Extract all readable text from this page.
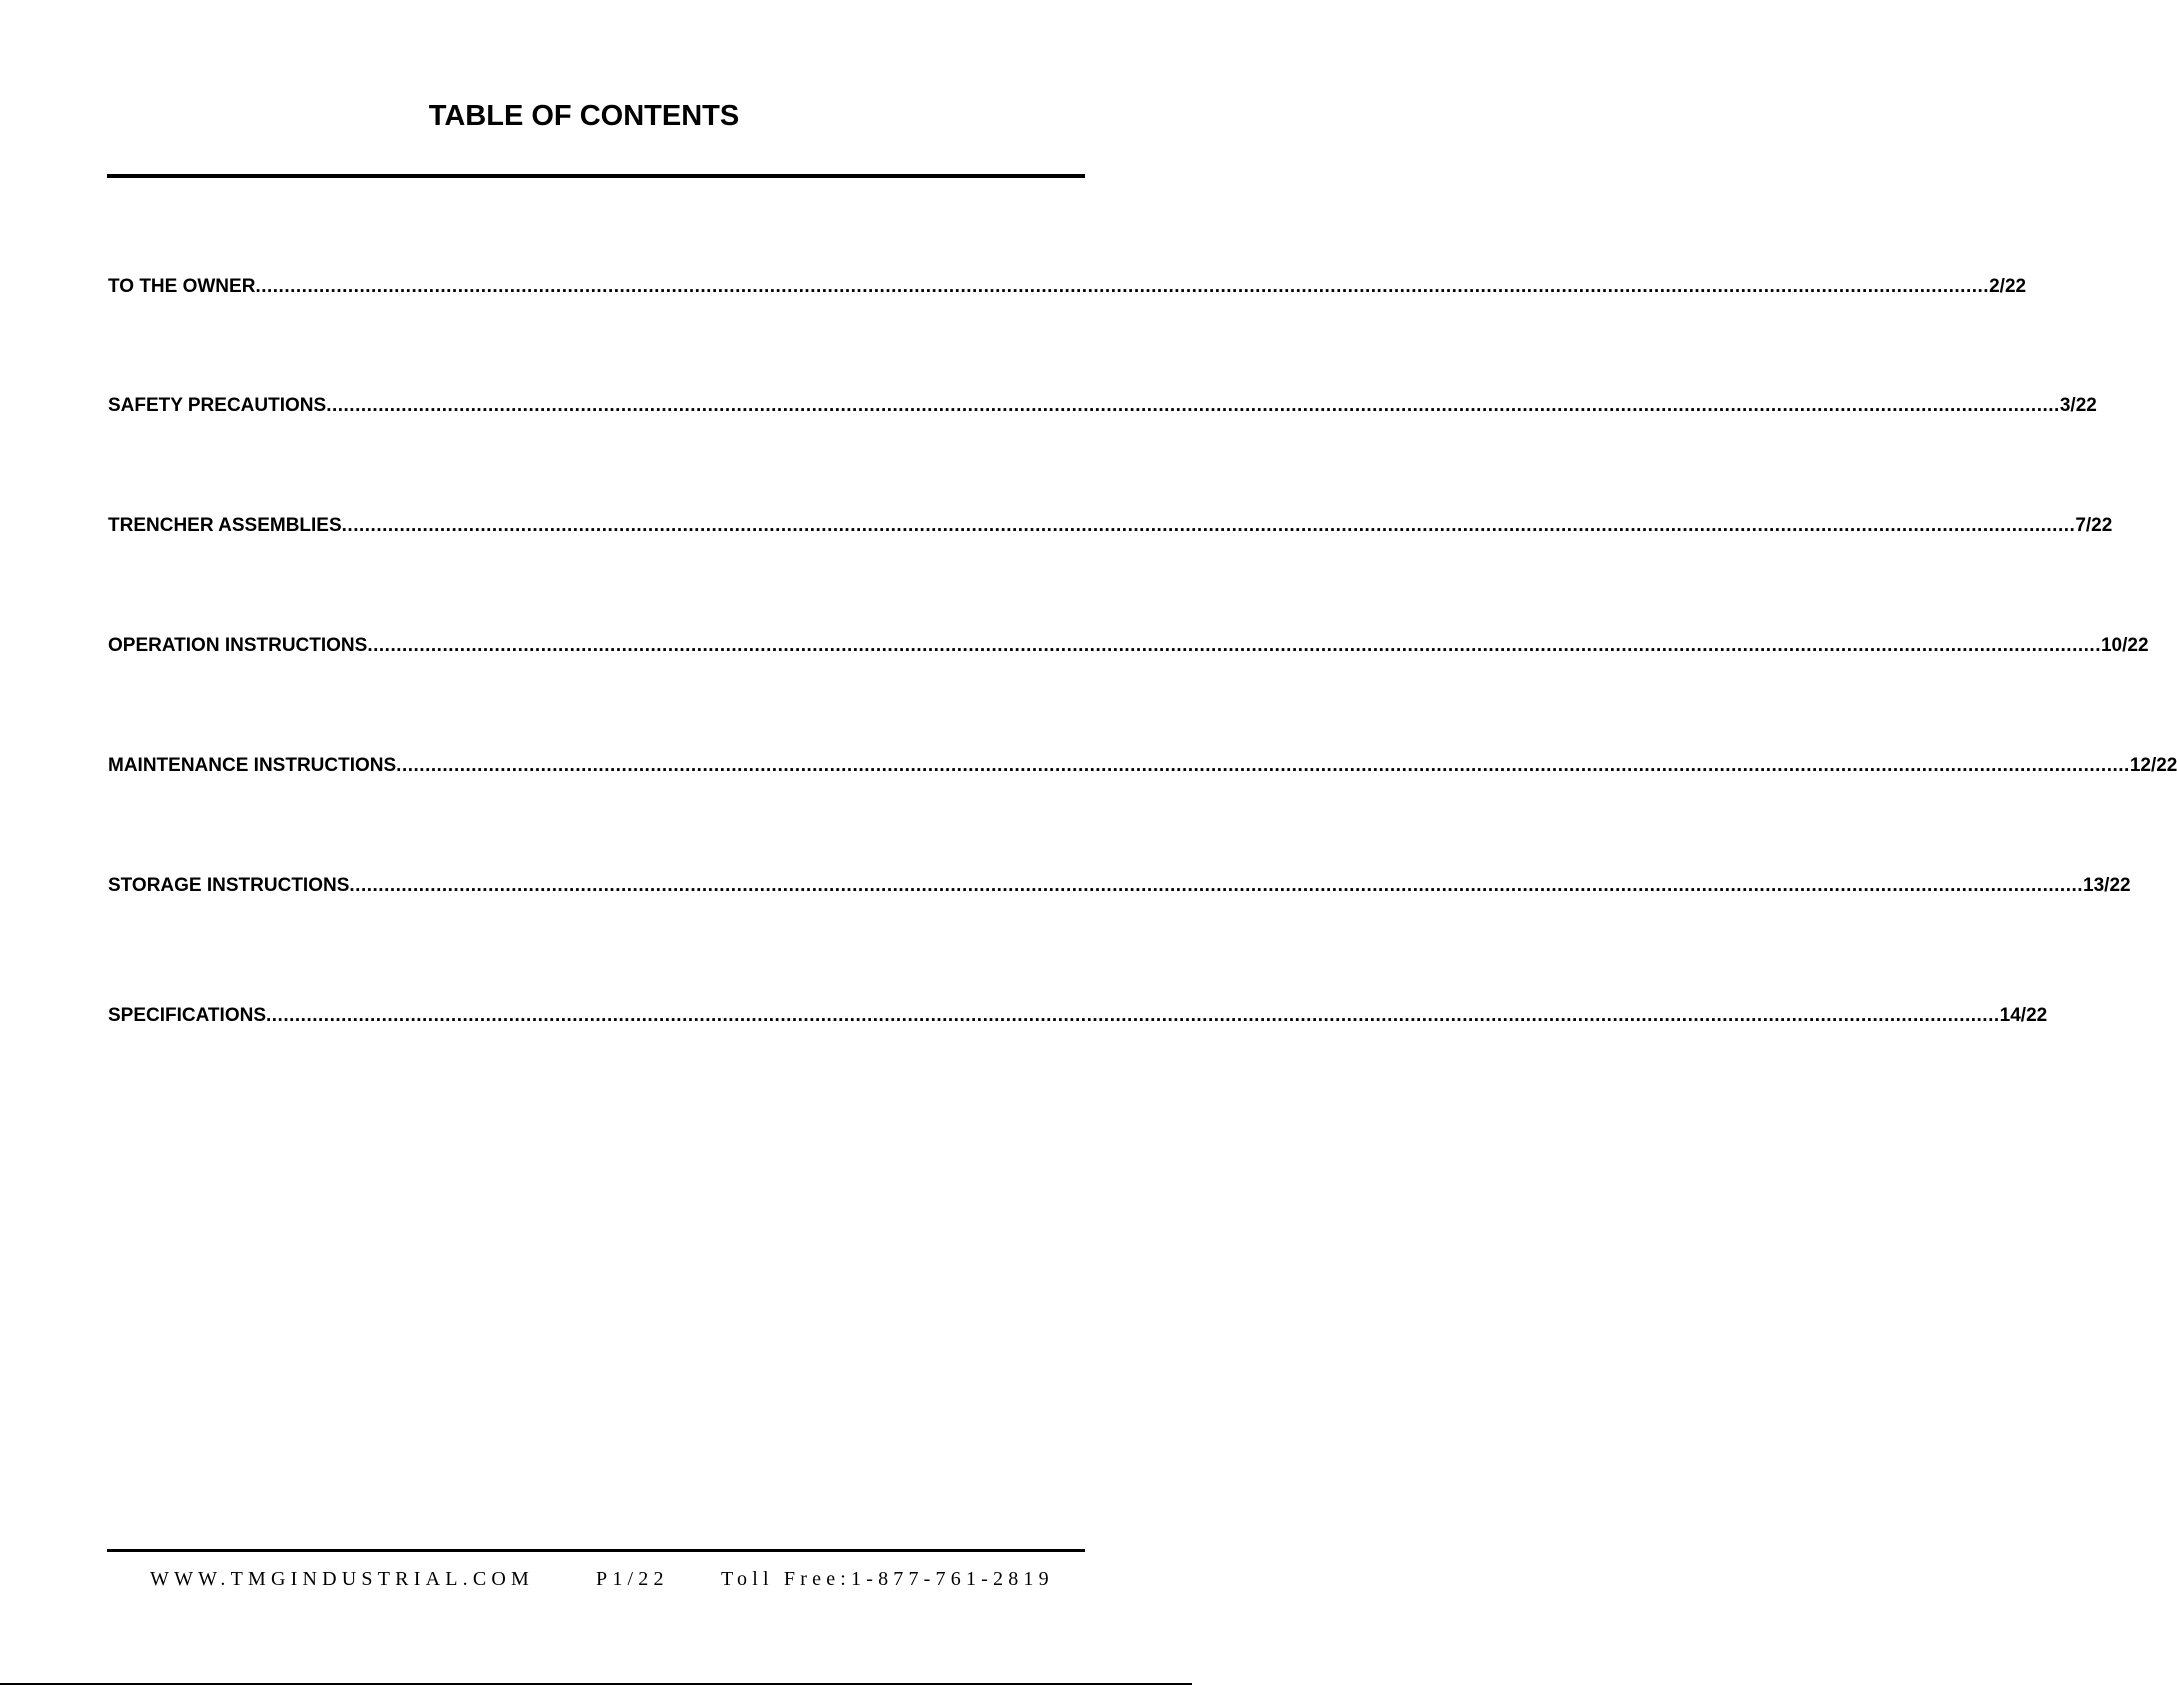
TABLE OF CONTENTS
TO THE OWNER ............................................................................................................................................................................................................................................................................................................ 2/22
SAFETY PRECAUTIONS ............................................................................................................................................................................................................................................................................................................ 3/22
TRENCHER ASSEMBLIES ............................................................................................................................................................................................................................................................................................................ 7/22
OPERATION INSTRUCTIONS ............................................................................................................................................................................................................................................................................................................ 10/22
MAINTENANCE INSTRUCTIONS ............................................................................................................................................................................................................................................................................................................ 12/22
STORAGE INSTRUCTIONS ............................................................................................................................................................................................................................................................................................................ 13/22
SPECIFICATIONS ............................................................................................................................................................................................................................................................................................................ 14/22
WWW.TMGINDUSTRIAL.COM	P1/22	Toll Free:1-877-761-2819
